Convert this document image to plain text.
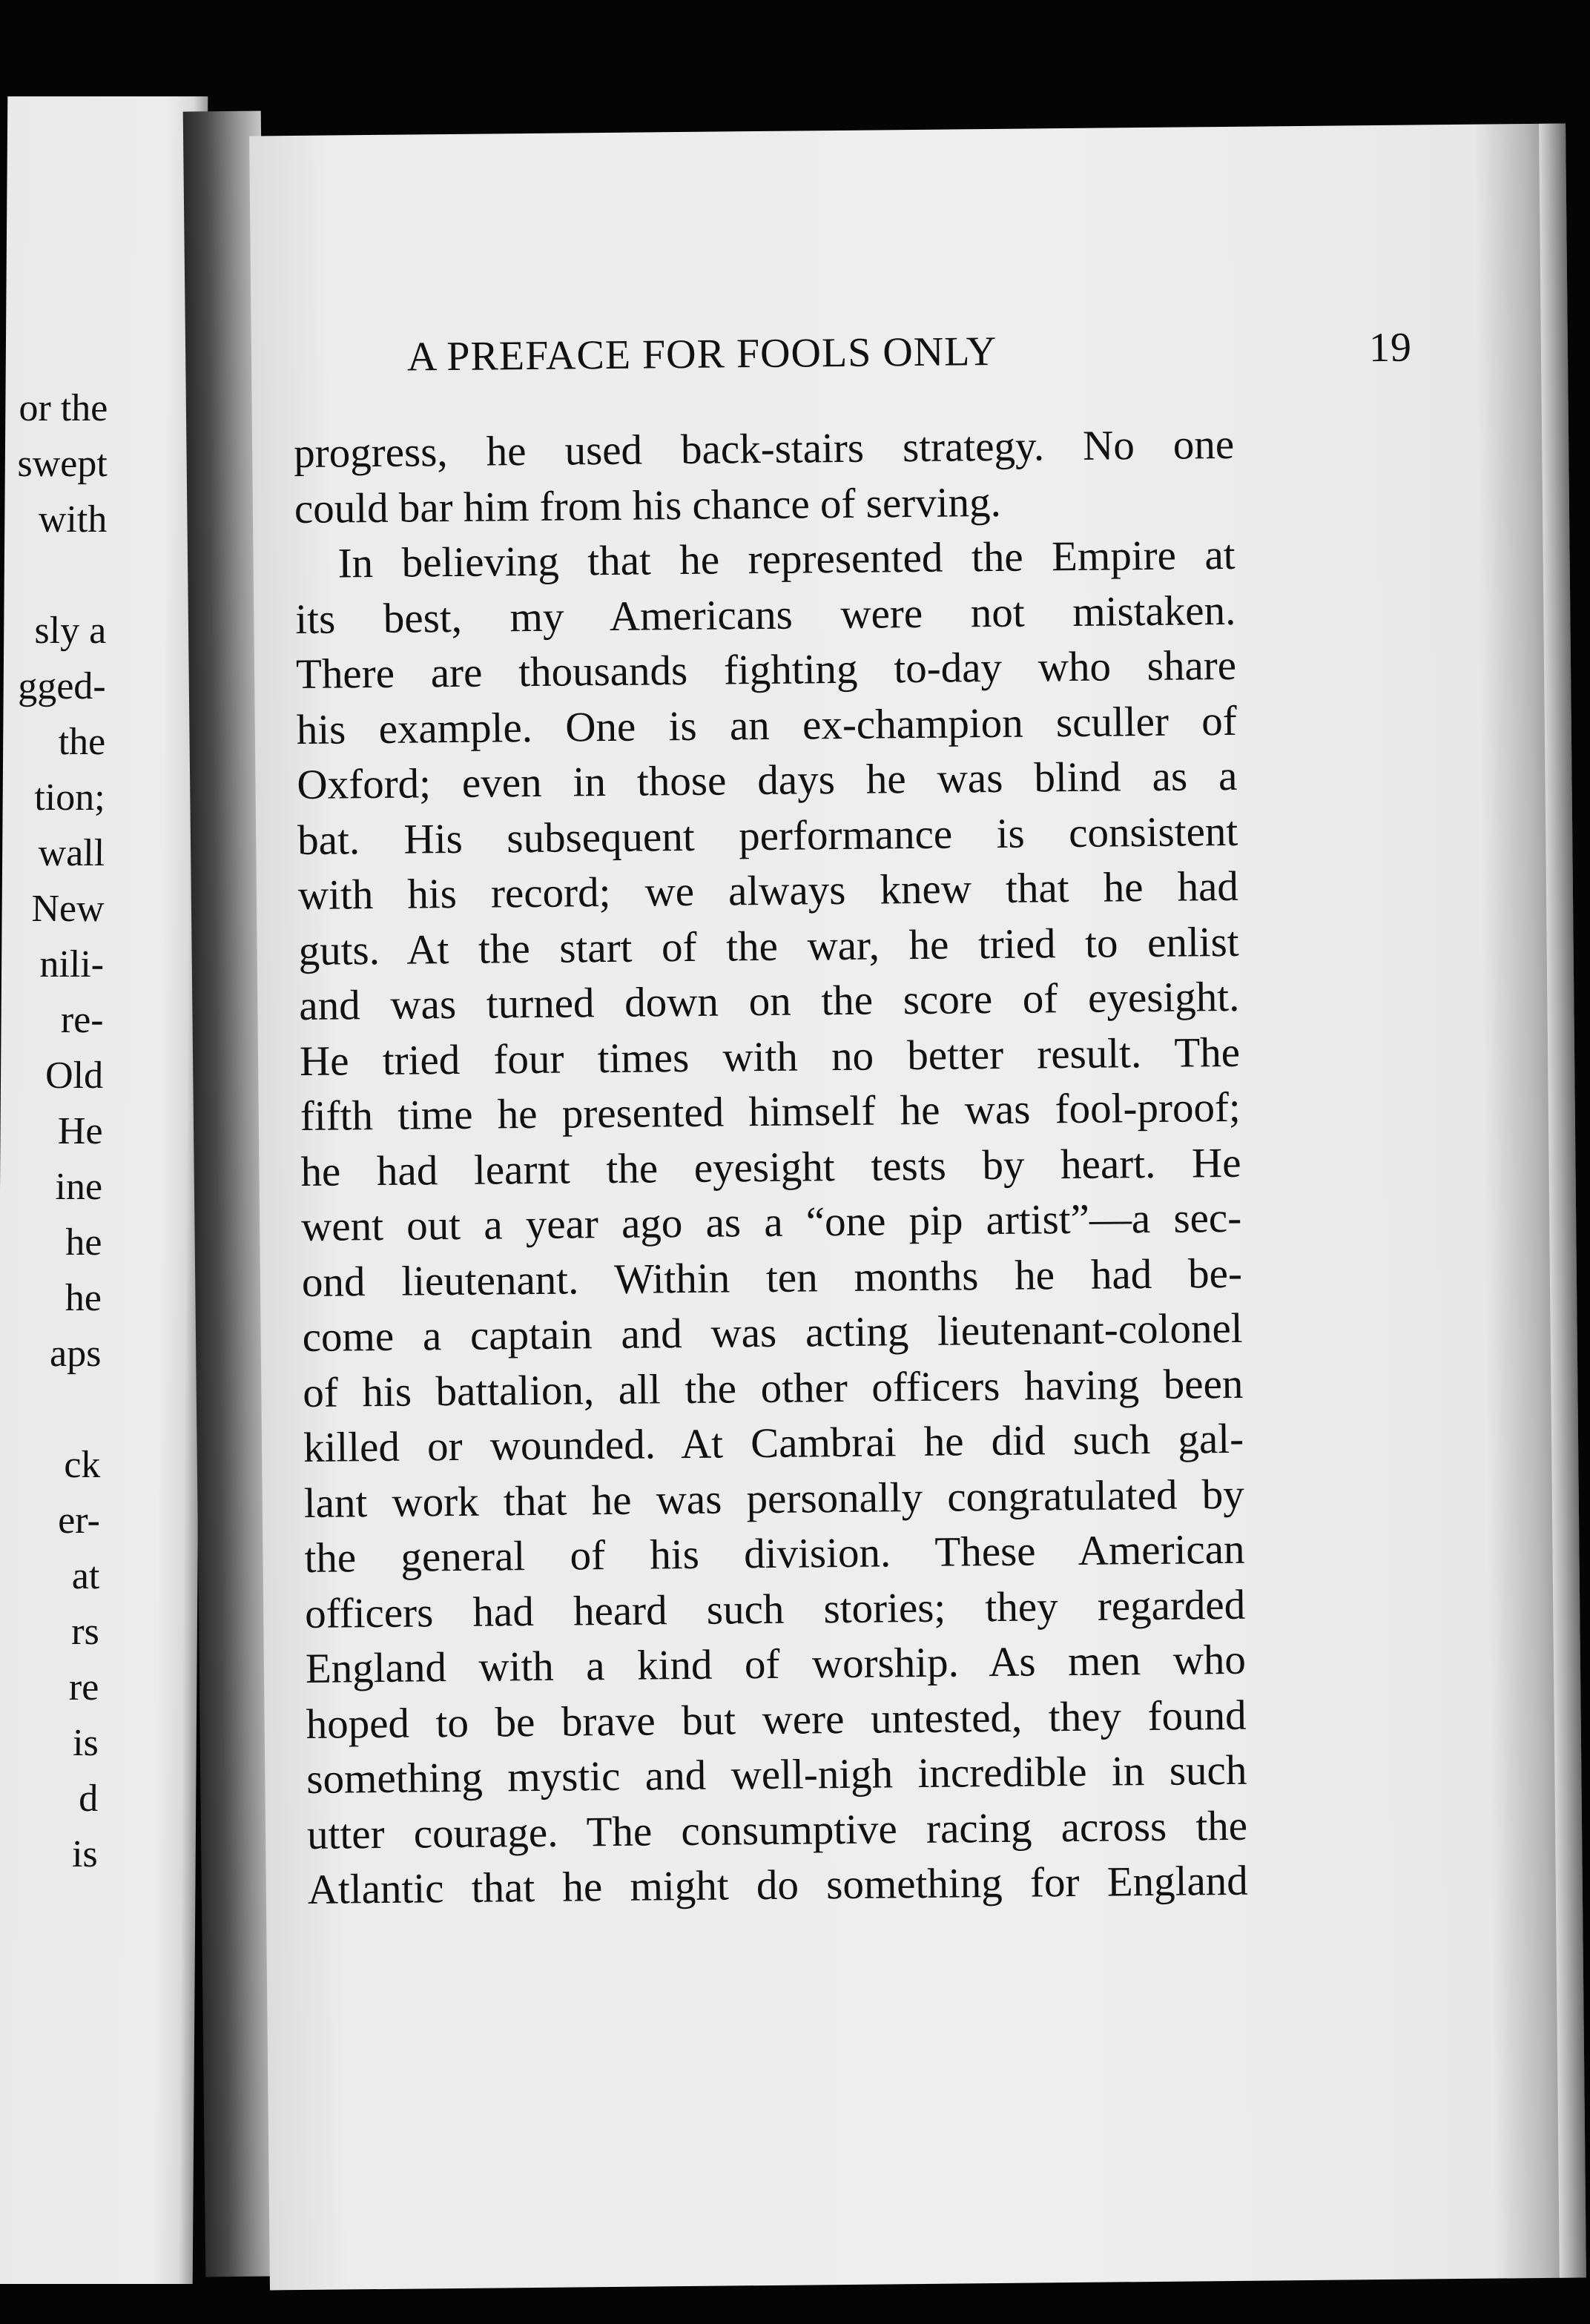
or the
swept
with
sly a
gged-
the
tion;
wall
New
nili-
re-
Old
He
ine
he
he
aps
ck
er-
at
rs
re
is
d
is
A PREFACE FOR FOOLS ONLY	19
progress, he used back-stairs strategy. No one
could bar him from his chance of serving.
In believing that he represented the Empire at
its best, my Americans were not mistaken.
There are thousands fighting to-day who share
his example. One is an ex-champion sculler of
Oxford; even in those days he was blind as a
bat. His subsequent performance is consistent
with his record; we always knew that he had
guts. At the start of the war, he tried to enlist
and was turned down on the score of eyesight.
He tried four times with no better result. The
fifth time he presented himself he was fool-proof;
he had learnt the eyesight tests by heart. He
went out a year ago as a “one pip artist”—a sec-
ond lieutenant. Within ten months he had be-
come a captain and was acting lieutenant-colonel
of his battalion, all the other officers having been
killed or wounded. At Cambrai he did such gal-
lant work that he was personally congratulated by
the general of his division. These American
officers had heard such stories; they regarded
England with a kind of worship. As men who
hoped to be brave but were untested, they found
something mystic and well-nigh incredible in such
utter courage. The consumptive racing across the
Atlantic that he might do something for England
